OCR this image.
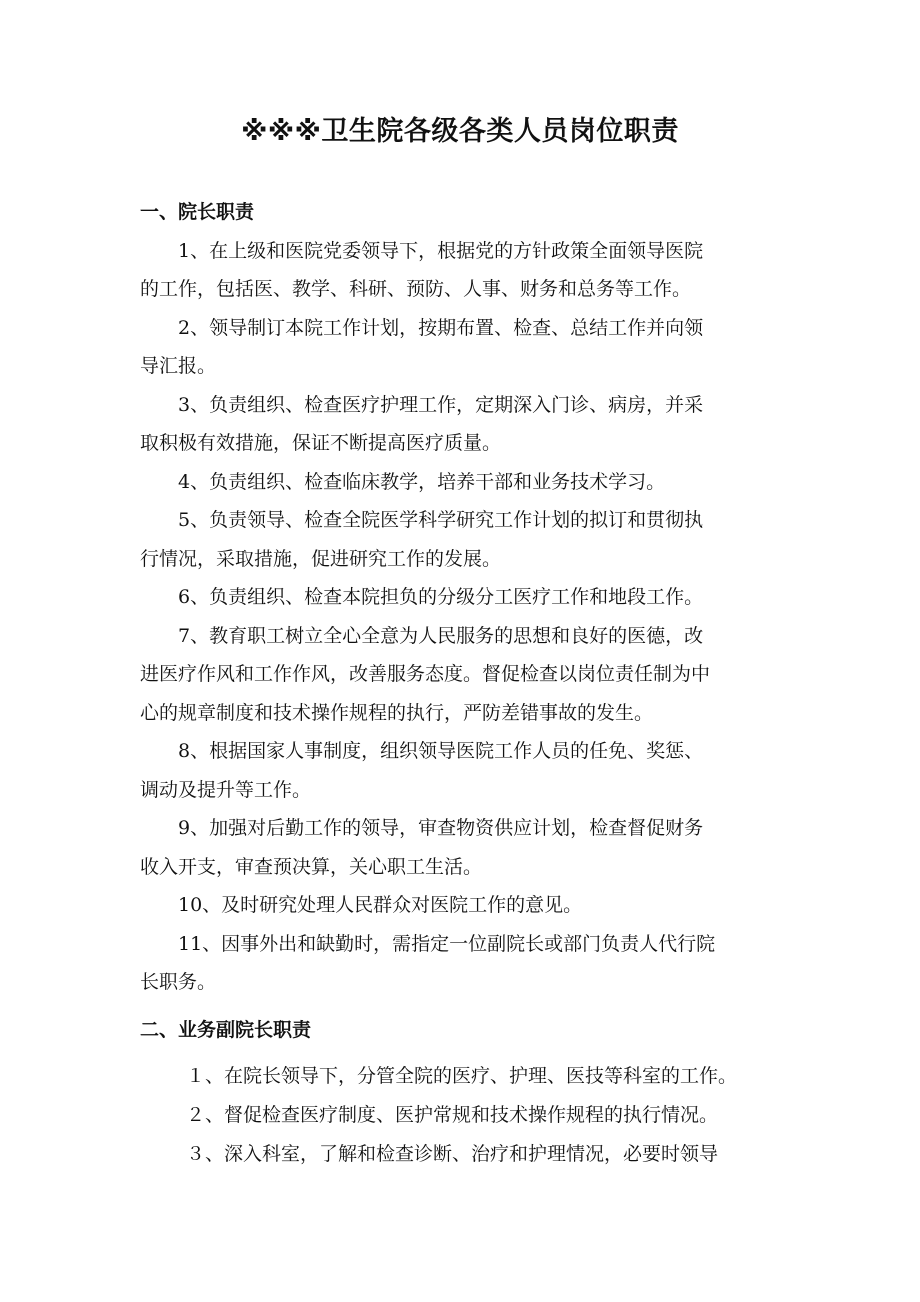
※※※卫生院各级各类人员岗位职责
一、院长职责
1、在上级和医院党委领导下，根据党的方针政策全面领导医院
的工作，包括医、教学、科研、预防、人事、财务和总务等工作。
2、领导制订本院工作计划，按期布置、检查、总结工作并向领
导汇报。
3、负责组织、检查医疗护理工作，定期深入门诊、病房，并采
取积极有效措施，保证不断提高医疗质量。
4、负责组织、检查临床教学，培养干部和业务技术学习。
5、负责领导、检查全院医学科学研究工作计划的拟订和贯彻执
行情况，采取措施，促进研究工作的发展。
6、负责组织、检查本院担负的分级分工医疗工作和地段工作。
7、教育职工树立全心全意为人民服务的思想和良好的医德，改
进医疗作风和工作作风，改善服务态度。督促检查以岗位责任制为中
心的规章制度和技术操作规程的执行，严防差错事故的发生。
8、根据国家人事制度，组织领导医院工作人员的任免、奖惩、
调动及提升等工作。
9、加强对后勤工作的领导，审查物资供应计划，检查督促财务
收入开支，审查预决算，关心职工生活。
10、及时研究处理人民群众对医院工作的意见。
11、因事外出和缺勤时，需指定一位副院长或部门负责人代行院
长职务。
二、业务副院长职责
１、在院长领导下，分管全院的医疗、护理、医技等科室的工作。
２、督促检查医疗制度、医护常规和技术操作规程的执行情况。
３、深入科室，了解和检查诊断、治疗和护理情况，必要时领导
